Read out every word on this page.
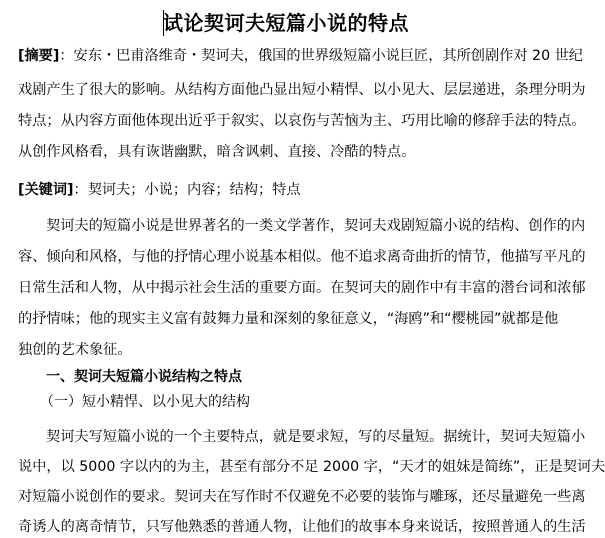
试论契诃夫短篇小说的特点
[摘要]：安东・巴甫洛维奇・契诃夫，俄国的世界级短篇小说巨匠，其所创剧作对 20 世纪
戏剧产生了很大的影响。从结构方面他凸显出短小精悍、以小见大、层层递进，条理分明为
特点；从内容方面他体现出近乎于叙实、以哀伤与苦恼为主、巧用比喻的修辞手法的特点。
从创作风格看，具有诙谐幽默，暗含讽刺、直接、冷酷的特点。
[关键词]：契诃夫；小说；内容；结构；特点
契诃夫的短篇小说是世界著名的一类文学著作，契诃夫戏剧短篇小说的结构、创作的内
容、倾向和风格，与他的抒情心理小说基本相似。他不追求离奇曲折的情节，他描写平凡的
日常生活和人物，从中揭示社会生活的重要方面。在契诃夫的剧作中有丰富的潜台词和浓郁
的抒情味；他的现实主义富有鼓舞力量和深刻的象征意义，“海鸥”和“樱桃园”就都是他
独创的艺术象征。
一、契诃夫短篇小说结构之特点
（一）短小精悍、以小见大的结构
契诃夫写短篇小说的一个主要特点，就是要求短，写的尽量短。据统计，契诃夫短篇小
说中，以 5000 字以内的为主，甚至有部分不足 2000 字，“天才的姐妹是简练”，正是契诃夫
对短篇小说创作的要求。契诃夫在写作时不仅避免不必要的装饰与雕琢，还尽量避免一些离
奇诱人的离奇情节，只写他熟悉的普通人物，让他们的故事本身来说话，按照普通人的生活
